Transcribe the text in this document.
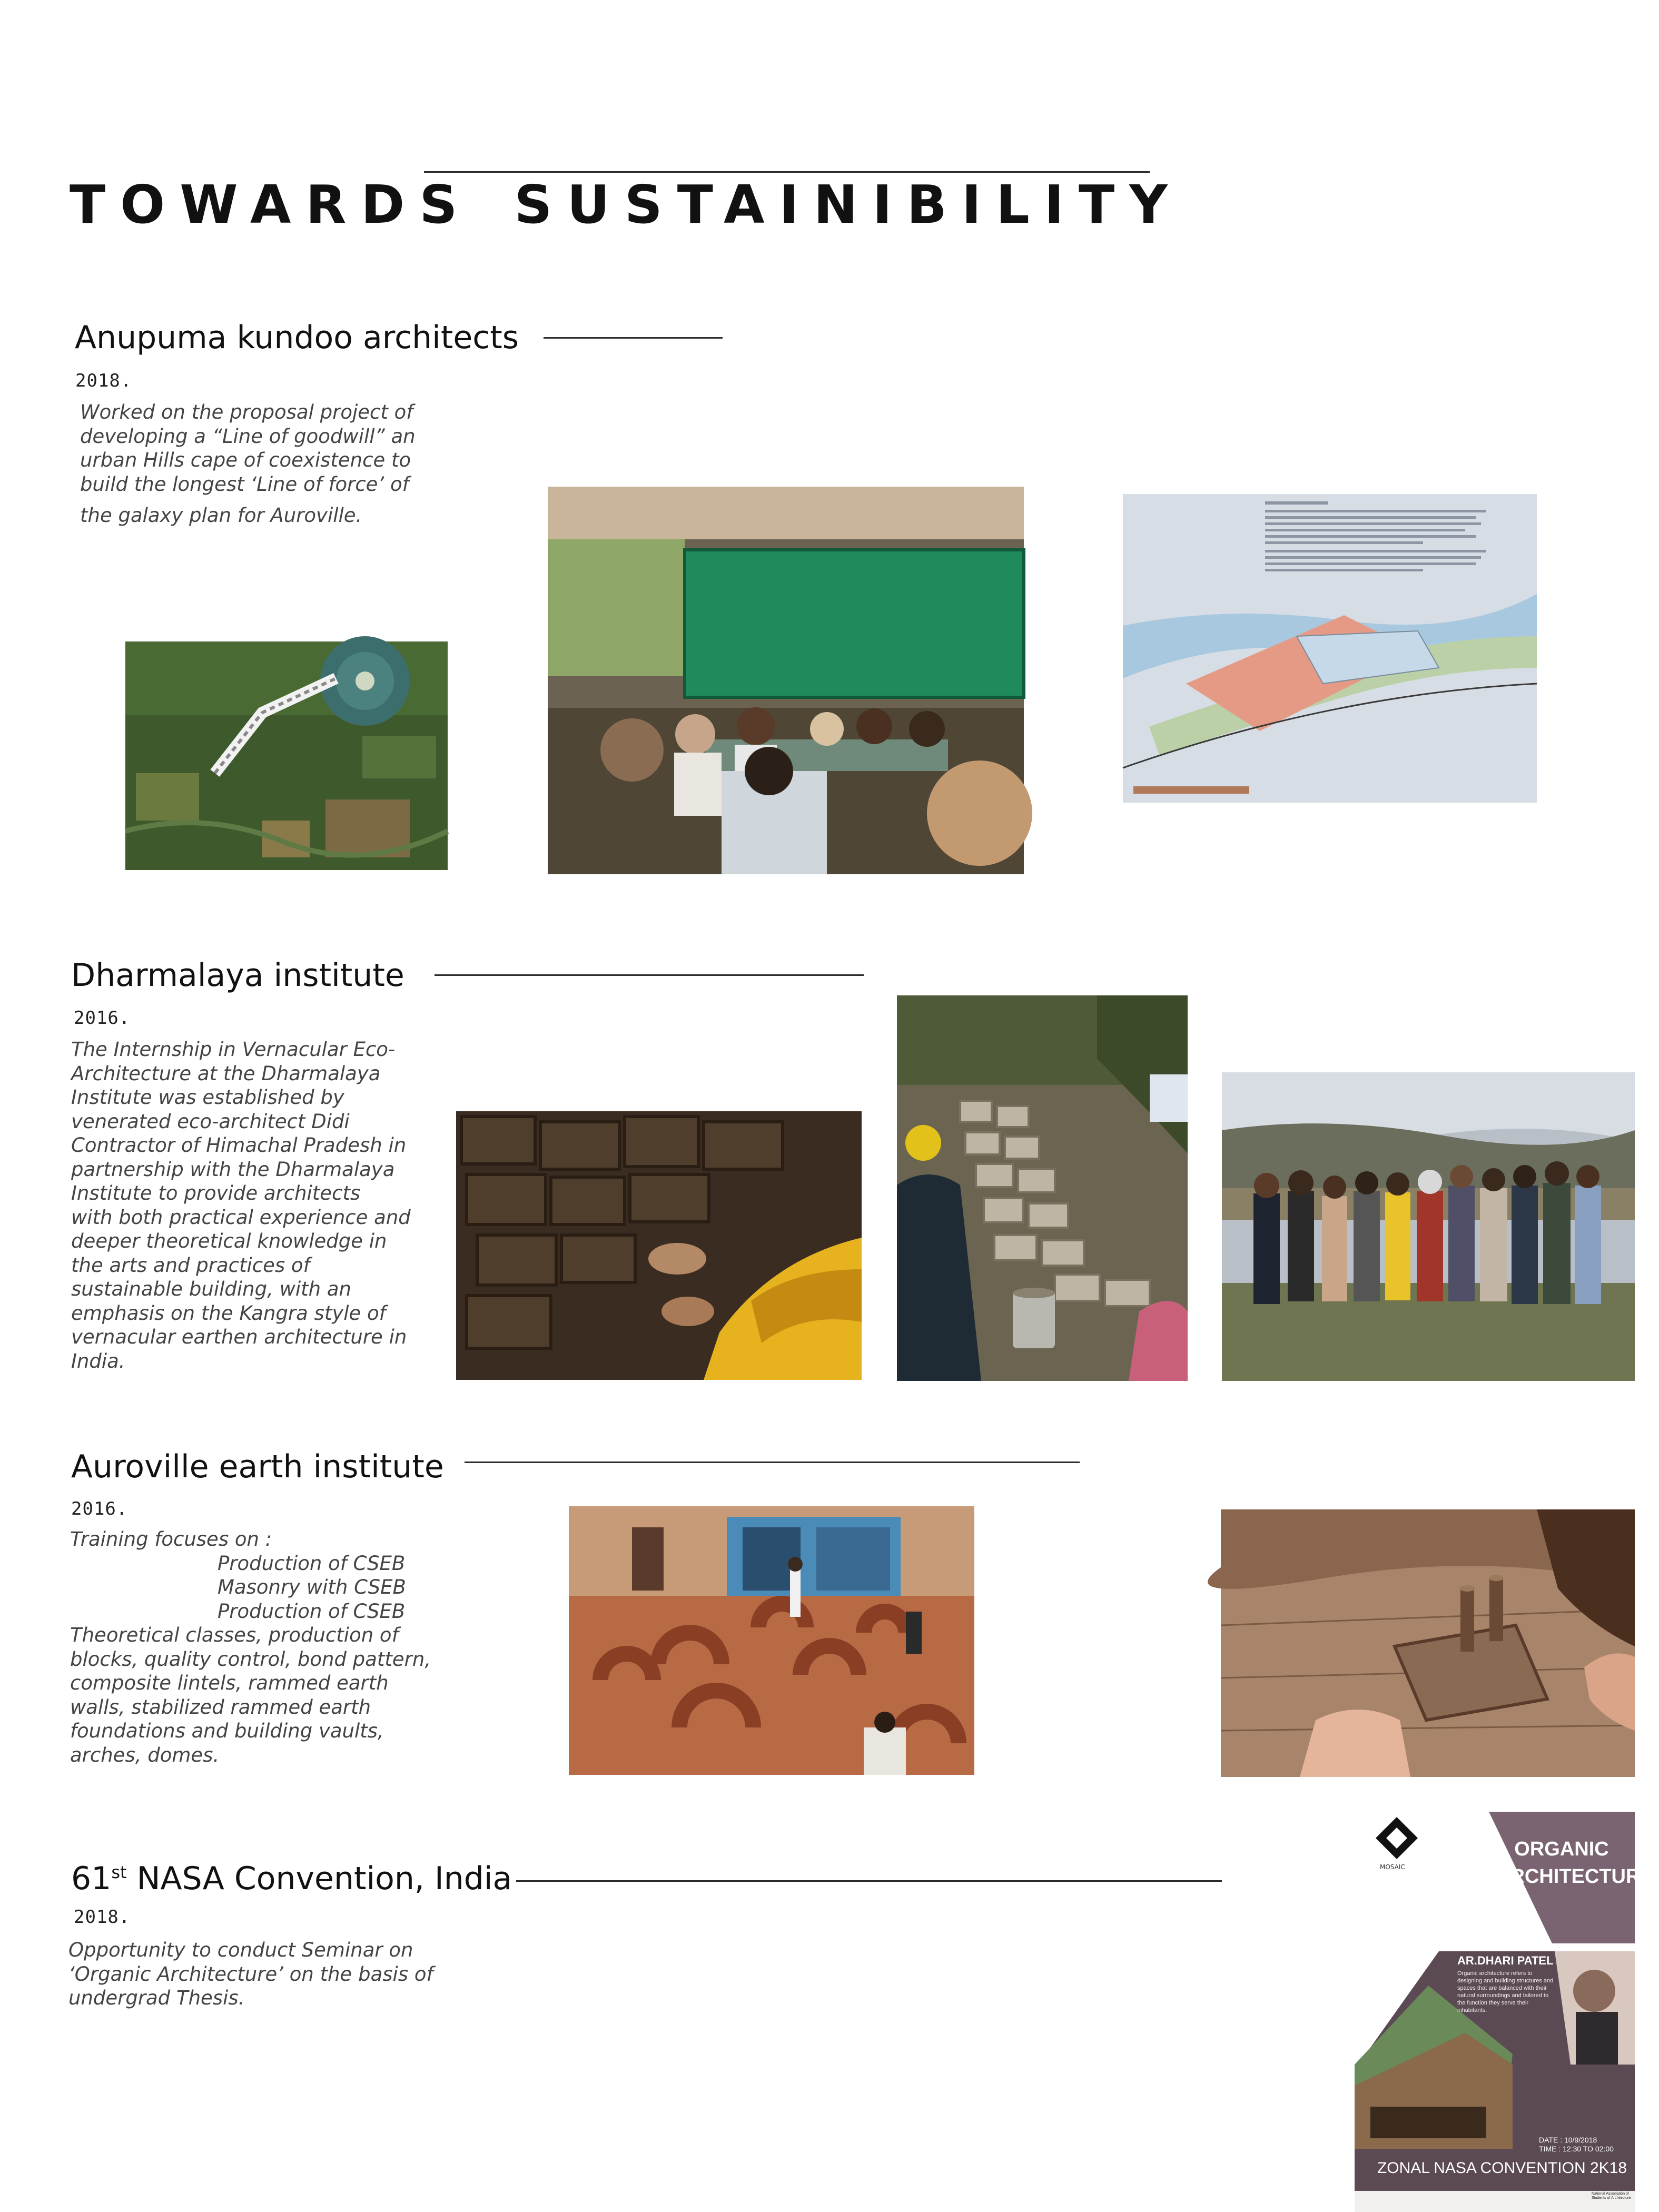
TOWARDS SUSTAINIBILITY
Anupuma kundoo architects
2018.

Worked on the proposal project of

developing a “Line of goodwill” an

urban Hills cape of coexistence to

build the longest ‘Line of force’ of

the galaxy plan for Auroville.

Dharmalaya institute
2016.

The Internship in Vernacular Eco-

Architecture at the Dharmalaya

Institute was established by

venerated eco-architect Didi

Contractor of Himachal Pradesh in

partnership with the Dharmalaya

Institute to provide architects

with both practical experience and

deeper theoretical knowledge in

the arts and practices of

sustainable building, with an

emphasis on the Kangra style of

vernacular earthen architecture in

India.

Auroville earth institute
2016.

Training focuses on :

Production of CSEB
Masonry with CSEB
Production of CSEB

Theoretical classes, production of

blocks, quality control, bond pattern,

composite lintels, rammed earth

walls, stabilized rammed earth

foundations and building vaults,

arches, domes.

61st NASA Convention, India
2018.

Opportunity to conduct Seminar on

‘Organic Architecture’ on the basis of

undergrad Thesis.

MOSAIC
ORGANIC
ARCHITECTURE
AR.DHARI PATEL
Organic architecture refers to designing and building structures and spaces that are balanced with their natural surroundings and tailored to the function they serve their inhabitants.
DATE : 10/9/2018
TIME : 12:30 TO 02:00
ZONAL NASA CONVENTION 2K18
National Association of Students of Architecture
